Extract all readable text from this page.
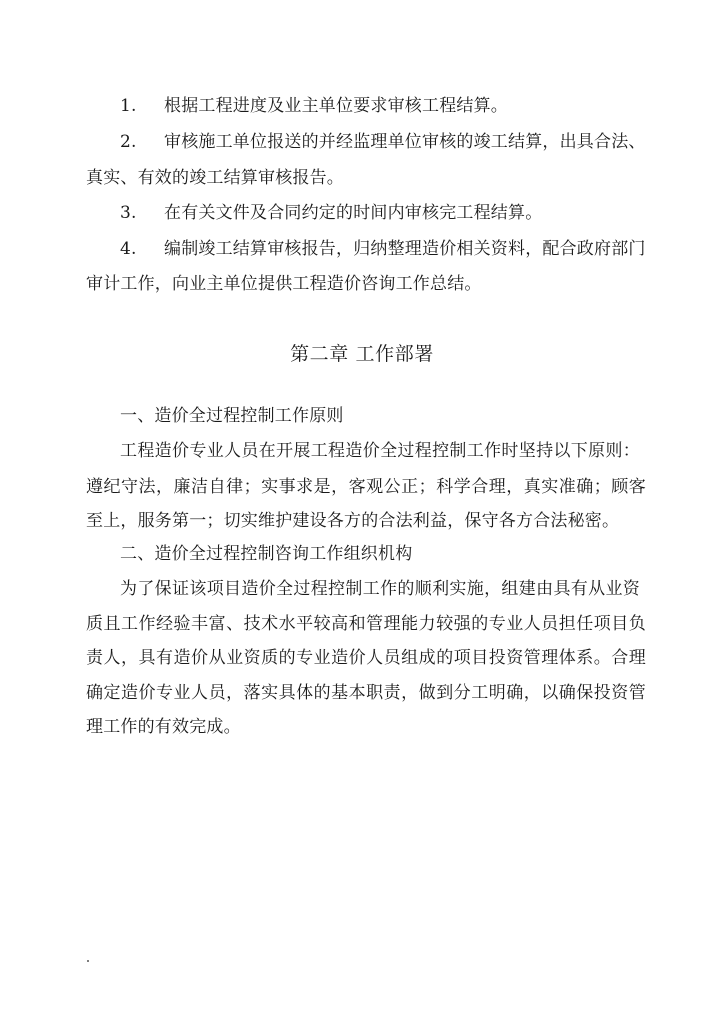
1. 根据工程进度及业主单位要求审核工程结算。
2. 审核施工单位报送的并经监理单位审核的竣工结算，出具合法、
真实、有效的竣工结算审核报告。
3. 在有关文件及合同约定的时间内审核完工程结算。
4. 编制竣工结算审核报告，归纳整理造价相关资料，配合政府部门
审计工作，向业主单位提供工程造价咨询工作总结。
第二章 工作部署
一、造价全过程控制工作原则
工程造价专业人员在开展工程造价全过程控制工作时坚持以下原则：
遵纪守法，廉洁自律；实事求是，客观公正；科学合理，真实准确；顾客
至上，服务第一；切实维护建设各方的合法利益，保守各方合法秘密。
二、造价全过程控制咨询工作组织机构
为了保证该项目造价全过程控制工作的顺利实施，组建由具有从业资
质且工作经验丰富、技术水平较高和管理能力较强的专业人员担任项目负
责人，具有造价从业资质的专业造价人员组成的项目投资管理体系。合理
确定造价专业人员，落实具体的基本职责，做到分工明确，以确保投资管
理工作的有效完成。
